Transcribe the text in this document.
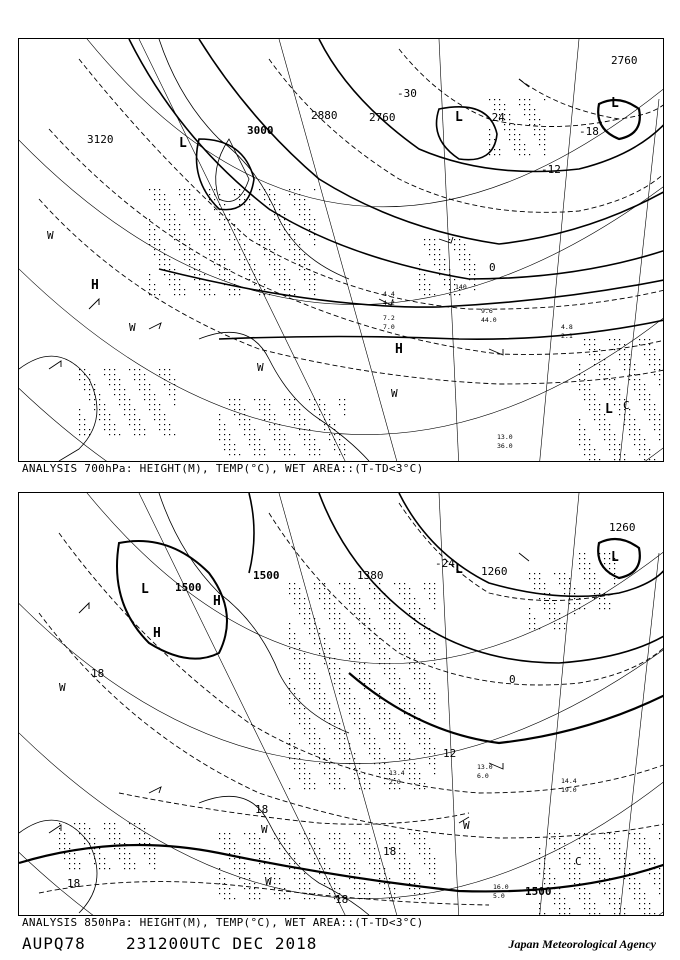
L
L
L
H
H
L
3120
3000
2880	2760
2760
-30
-24
-18
-12
0
W
W
W
W
C
140
13.0
36.0
9.6
44.0
4.8
2.1
7.2
7.0
4.4
4.2
ANALYSIS 700hPa: HEIGHT(M), TEMP(°C), WET AREA::(T-TD<3°C)
L
L
L
H
H
1500
1500	1380	1260
1260
1500
18
18
18
18
18
12
0
-24
W
W
W
W
C
13.0
6.0
14.4
19.0
16.0
5.0
13.4
2.0
ANALYSIS 850hPa: HEIGHT(M), TEMP(°C), WET AREA::(T-TD<3°C)
AUPQ78	231200UTC DEC 2018	Japan Meteorological Agency
